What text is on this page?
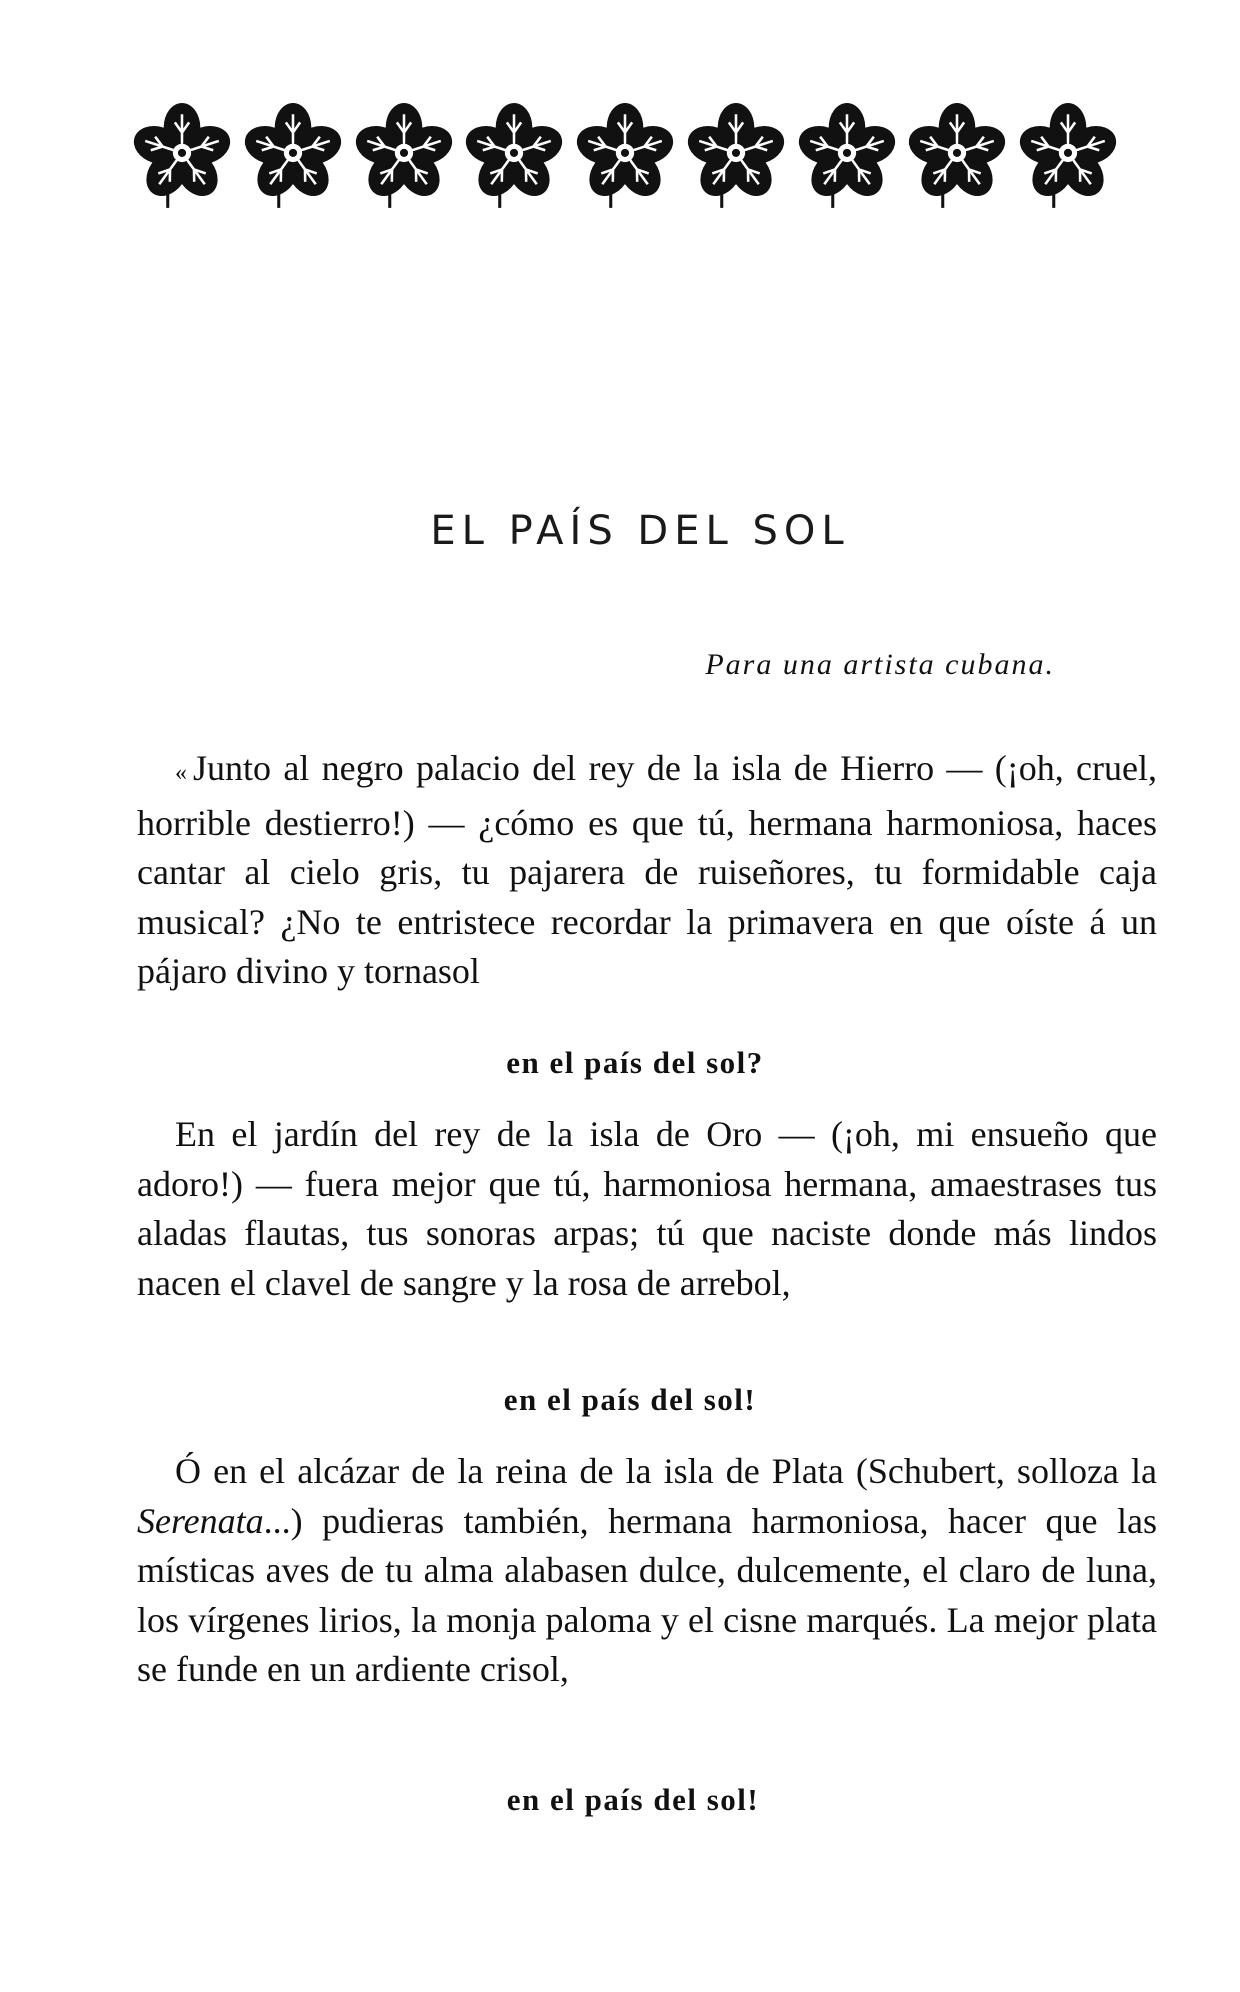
EL PAÍS DEL SOL

Para una artista cubana.

« Junto al negro palacio del rey de la isla de Hierro — (¡oh, cruel, horrible destierro!) — ¿cómo es que tú, hermana harmoniosa, haces cantar al cielo gris, tu pajarera de ruiseñores, tu formidable caja musical? ¿No te entristece recordar la primavera en que oíste á un pájaro divino y tornasol

en el país del sol?

En el jardín del rey de la isla de Oro — (¡oh, mi ensueño que adoro!) — fuera mejor que tú, harmoniosa hermana, amaestrases tus aladas flautas, tus sonoras arpas; tú que naciste donde más lindos nacen el clavel de sangre y la rosa de arrebol,

en el país del sol!

Ó en el alcázar de la reina de la isla de Plata (Schubert, solloza la Serenata...) pudieras también, hermana harmoniosa, hacer que las místicas aves de tu alma alabasen dulce, dulcemente, el claro de luna, los vírgenes lirios, la monja paloma y el cisne marqués. La mejor plata se funde en un ardiente crisol,

en el país del sol!
